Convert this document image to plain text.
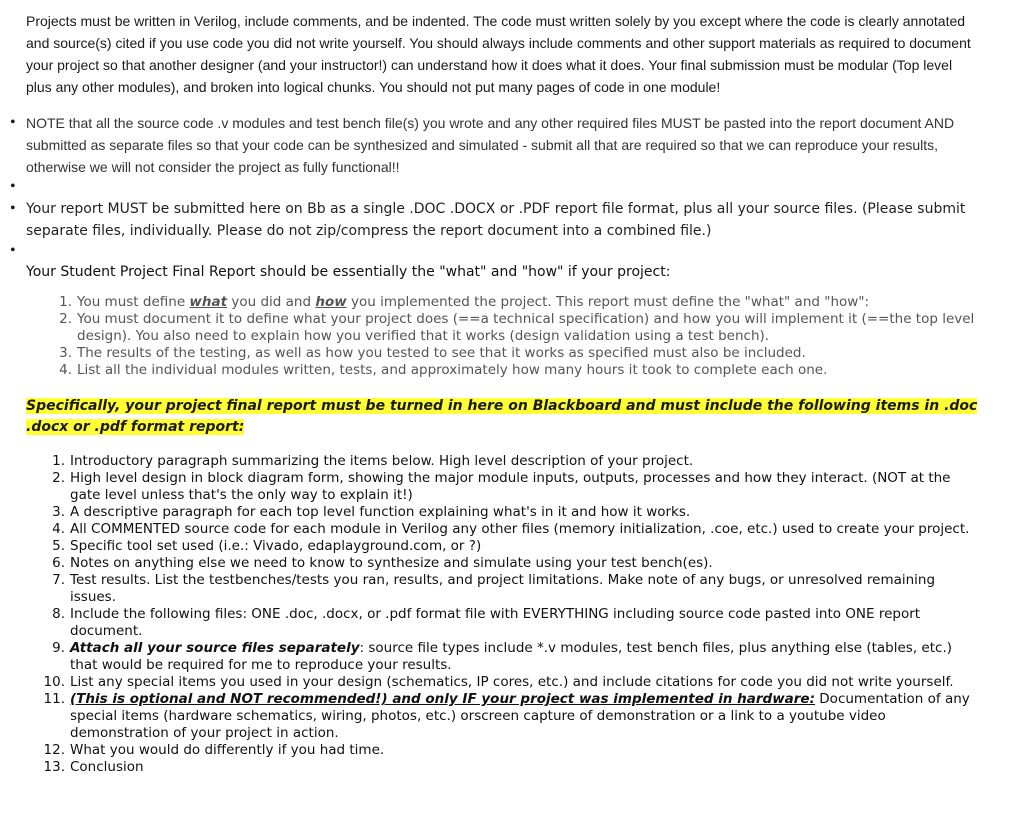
Projects must be written in Verilog, include comments, and be indented. The code must written solely by you except where the code is clearly annotated and source(s) cited if you use code you did not write yourself. You should always include comments and other support materials as required to document your project so that another designer (and your instructor!) can understand how it does what it does. Your final submission must be modular (Top level plus any other modules), and broken into logical chunks. You should not put many pages of code in one module!
•
NOTE that all the source code .v modules and test bench file(s) you wrote and any other required files MUST be pasted into the report document AND submitted as separate files so that your code can be synthesized and simulated - submit all that are required so that we can reproduce your results, otherwise we will not consider the project as fully functional!!
•
•
Your report MUST be submitted here on Bb as a single .DOC .DOCX or .PDF report file format, plus all your source files. (Please submit separate files, individually. Please do not zip/compress the report document into a combined file.)
•
Your Student Project Final Report should be essentially the "what" and "how" if your project:
1. You must define what you did and how you implemented the project. This report must define the "what" and "how":
2. You must document it to define what your project does (==a technical specification) and how you will implement it (==the top level design). You also need to explain how you verified that it works (design validation using a test bench).
3. The results of the testing, as well as how you tested to see that it works as specified must also be included.
4. List all the individual modules written, tests, and approximately how many hours it took to complete each one.
Specifically, your project final report must be turned in here on Blackboard and must include the following items in .doc .docx or .pdf format report:
1. Introductory paragraph summarizing the items below. High level description of your project.
2. High level design in block diagram form, showing the major module inputs, outputs, processes and how they interact. (NOT at the gate level unless that's the only way to explain it!)
3. A descriptive paragraph for each top level function explaining what's in it and how it works.
4. All COMMENTED source code for each module in Verilog any other files (memory initialization, .coe, etc.) used to create your project.
5. Specific tool set used (i.e.: Vivado, edaplayground.com, or ?)
6. Notes on anything else we need to know to synthesize and simulate using your test bench(es).
7. Test results. List the testbenches/tests you ran, results, and project limitations. Make note of any bugs, or unresolved remaining issues.
8. Include the following files: ONE .doc, .docx, or .pdf format file with EVERYTHING including source code pasted into ONE report document.
9. Attach all your source files separately: source file types include *.v modules, test bench files, plus anything else (tables, etc.) that would be required for me to reproduce your results.
10. List any special items you used in your design (schematics, IP cores, etc.) and include citations for code you did not write yourself.
11. (This is optional and NOT recommended!) and only IF your project was implemented in hardware: Documentation of any special items (hardware schematics, wiring, photos, etc.) orscreen capture of demonstration or a link to a youtube video demonstration of your project in action.
12. What you would do differently if you had time.
13. Conclusion
